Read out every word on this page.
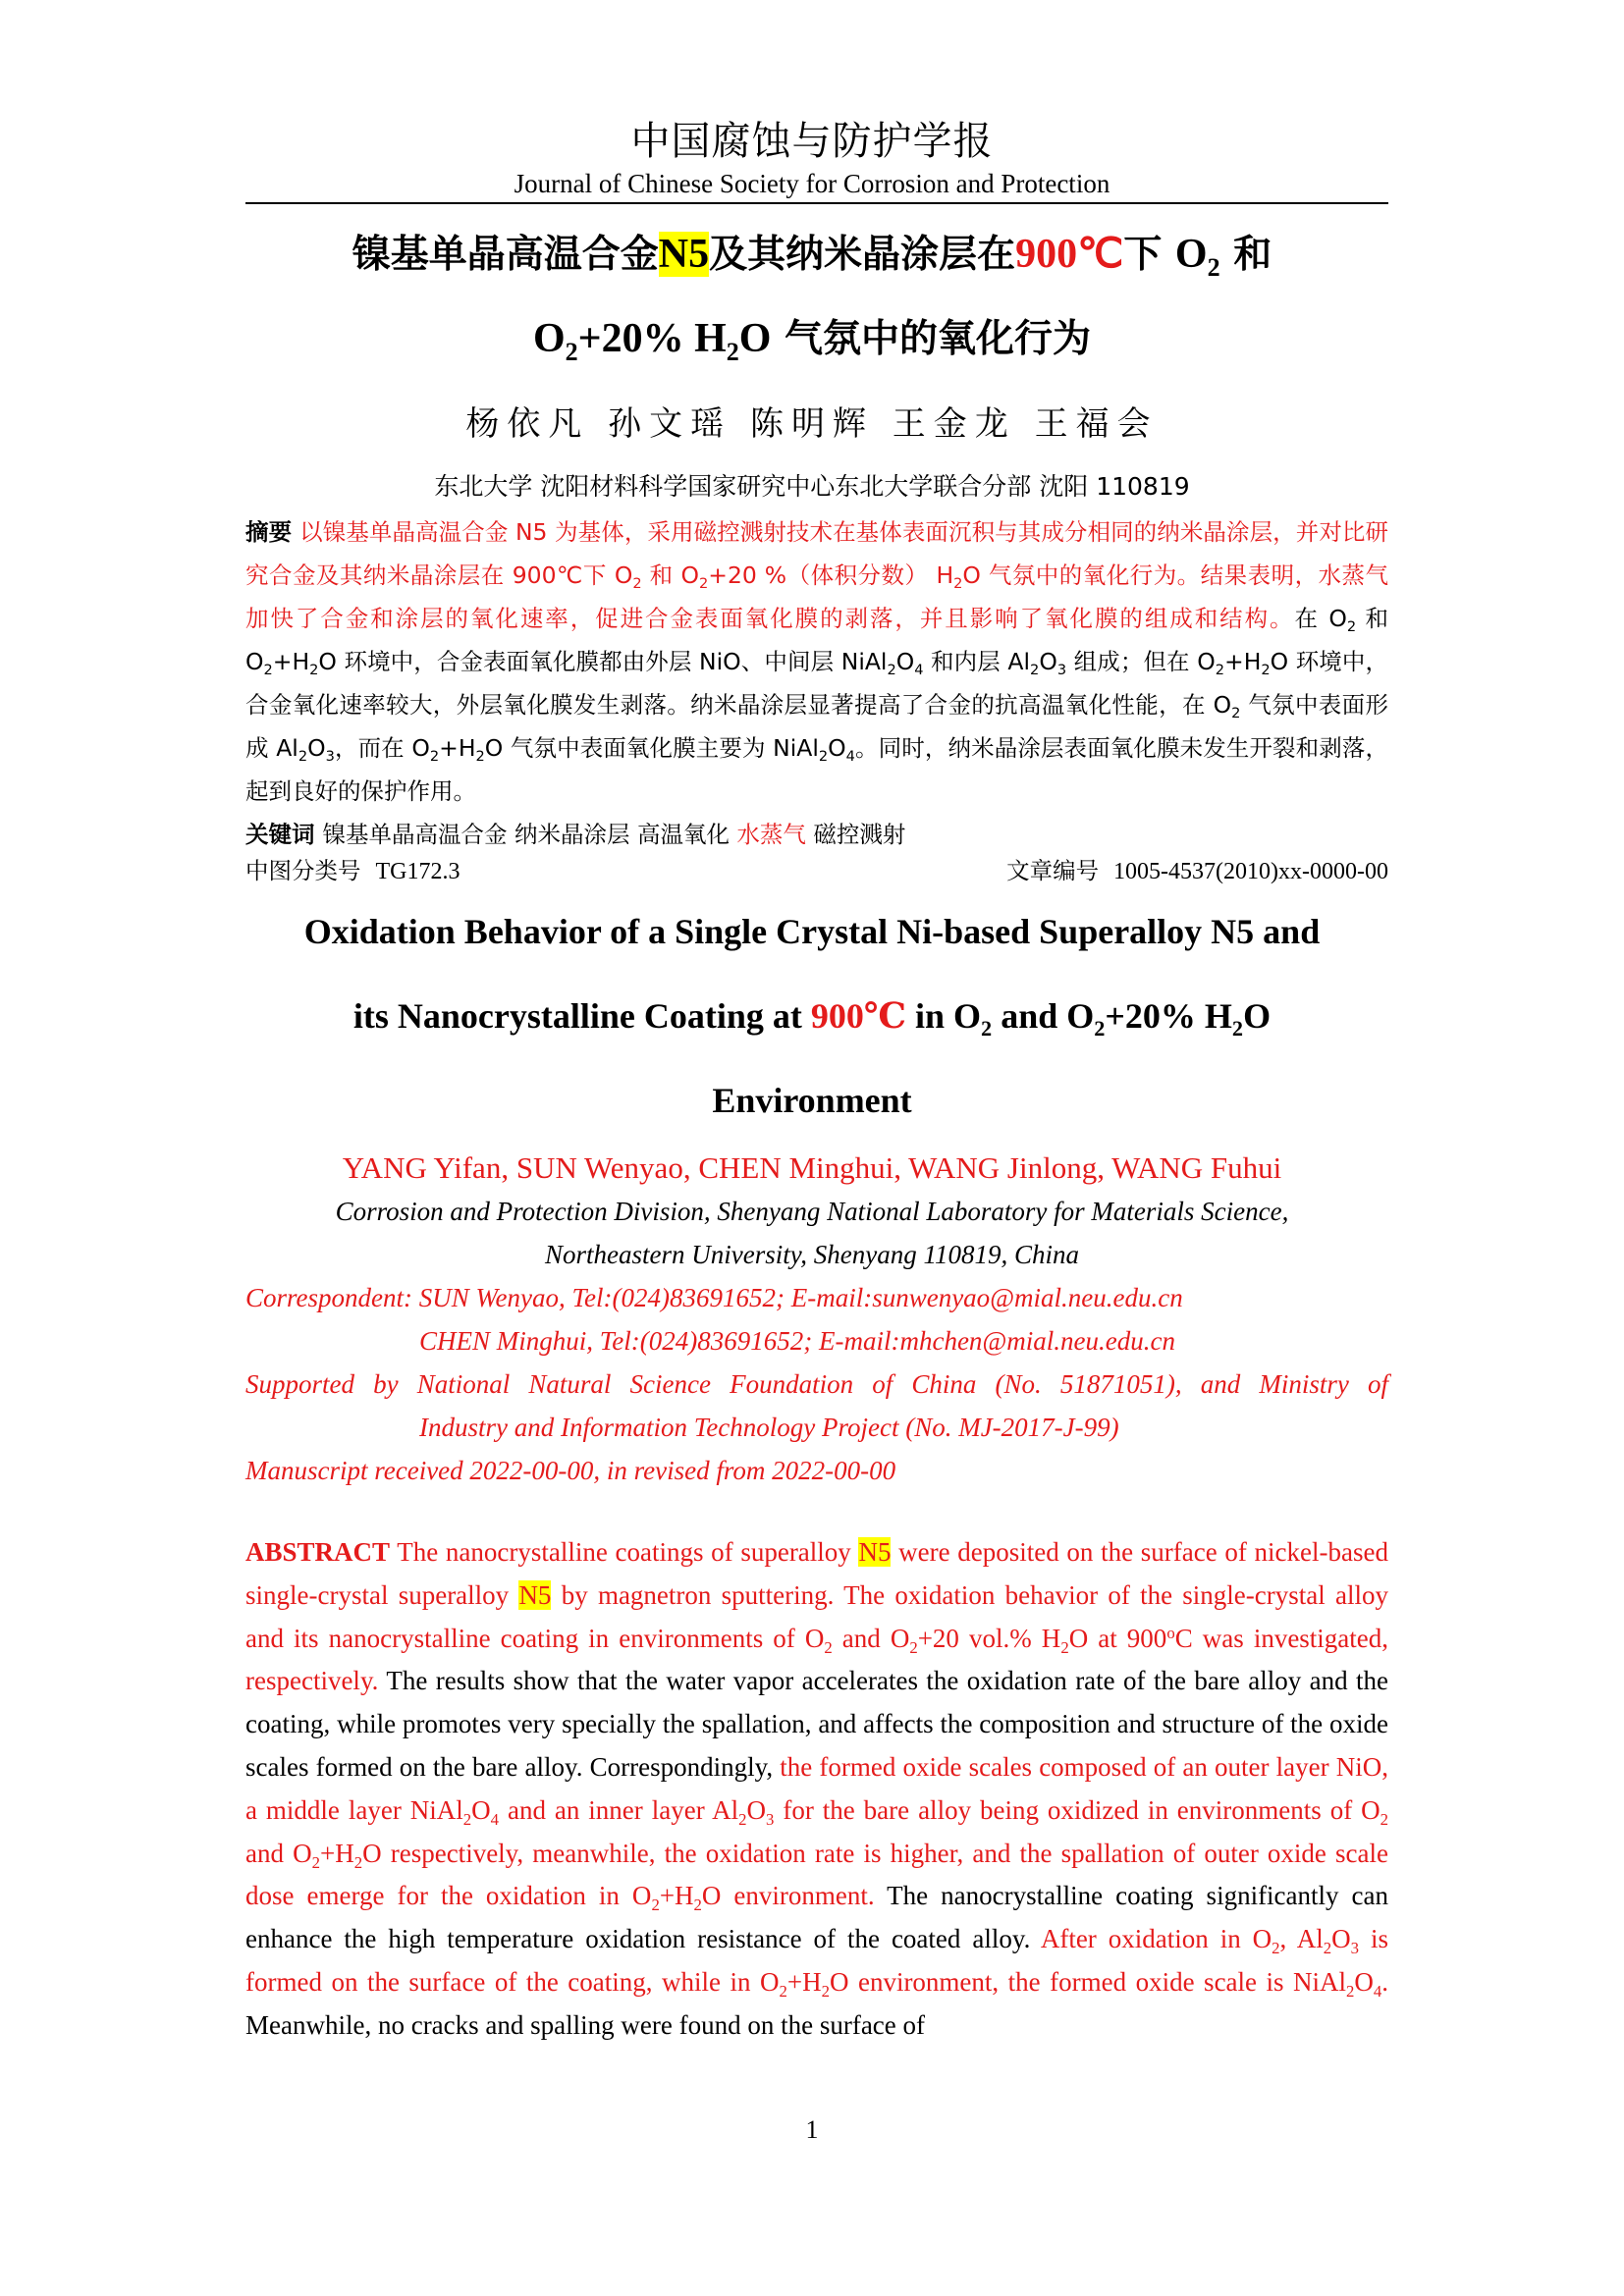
中国腐蚀与防护学报
Journal of Chinese Society for Corrosion and Protection
镍基单晶高温合金N5及其纳米晶涂层在900℃下 $O_2$ 和
$O_2+20\%$ $H_2O$ 气氛中的氧化行为
杨依凡 孙文瑶 陈明辉 王金龙 王福会
东北大学 沈阳材料科学国家研究中心东北大学联合分部 沈阳 110819
摘要 以镍基单晶高温合金 N5 为基体，采用磁控溅射技术在基体表面沉积与其成分相同的纳米晶涂层，并对比研究合金及其纳米晶涂层在 900℃下 $O_2$ 和 $O_2+20$ %（体积分数） $H_2O$ 气氛中的氧化行为。结果表明，水蒸气加快了合金和涂层的氧化速率，促进合金表面氧化膜的剥落，并且影响了氧化膜的组成和结构。在 $O_2$ 和 $O_2+H_2O$ 环境中，合金表面氧化膜都由外层 NiO、中间层 $NiAl_2O_4$ 和内层 $Al_2O_3$ 组成；但在 $O_2+H_2O$ 环境中，合金氧化速率较大，外层氧化膜发生剥落。纳米晶涂层显著提高了合金的抗高温氧化性能，在 $O_2$ 气氛中表面形成 $Al_2O_3$，而在 $O_2+H_2O$ 气氛中表面氧化膜主要为 $NiAl_2O_4$。同时，纳米晶涂层表面氧化膜未发生开裂和剥落，起到良好的保护作用。
关键词 镍基单晶高温合金 纳米晶涂层 高温氧化 水蒸气 磁控溅射
中图分类号 TG172.3	文章编号 1005-4537(2010)xx-0000-00
Oxidation Behavior of a Single Crystal Ni-based Superalloy N5 and
its Nanocrystalline Coating at 900℃ in $O_2$ and $O_2+20\%$ $H_2O$
Environment
YANG Yifan, SUN Wenyao, CHEN Minghui, WANG Jinlong, WANG Fuhui
Corrosion and Protection Division, Shenyang National Laboratory for Materials Science,
Northeastern University, Shenyang 110819, China
Correspondent: SUN Wenyao, Tel:(024)83691652; E-mail:sunwenyao@mial.neu.edu.cn
CHEN Minghui, Tel:(024)83691652; E-mail:mhchen@mial.neu.edu.cn
Supported by National Natural Science Foundation of China (No. 51871051), and Ministry of
Industry and Information Technology Project (No. MJ-2017-J-99)
Manuscript received 2022-00-00, in revised from 2022-00-00
ABSTRACT The nanocrystalline coatings of superalloy N5 were deposited on the surface of nickel-based single-crystal superalloy N5 by magnetron sputtering. The oxidation behavior of the single-crystal alloy and its nanocrystalline coating in environments of $O_2$ and $O_2+20$ vol.% $H_2O$ at 900$^o$C was investigated, respectively. The results show that the water vapor accelerates the oxidation rate of the bare alloy and the coating, while promotes very specially the spallation, and affects the composition and structure of the oxide scales formed on the bare alloy. Correspondingly, the formed oxide scales composed of an outer layer NiO, a middle layer $NiAl_2O_4$ and an inner layer $Al_2O_3$ for the bare alloy being oxidized in environments of $O_2$ and $O_2+H_2O$ respectively, meanwhile, the oxidation rate is higher, and the spallation of outer oxide scale dose emerge for the oxidation in $O_2+H_2O$ environment. The nanocrystalline coating significantly can enhance the high temperature oxidation resistance of the coated alloy. After oxidation in $O_2$, $Al_2O_3$ is formed on the surface of the coating, while in $O_2+H_2O$ environment, the formed oxide scale is $NiAl_2O_4$. Meanwhile, no cracks and spalling were found on the surface of
1
